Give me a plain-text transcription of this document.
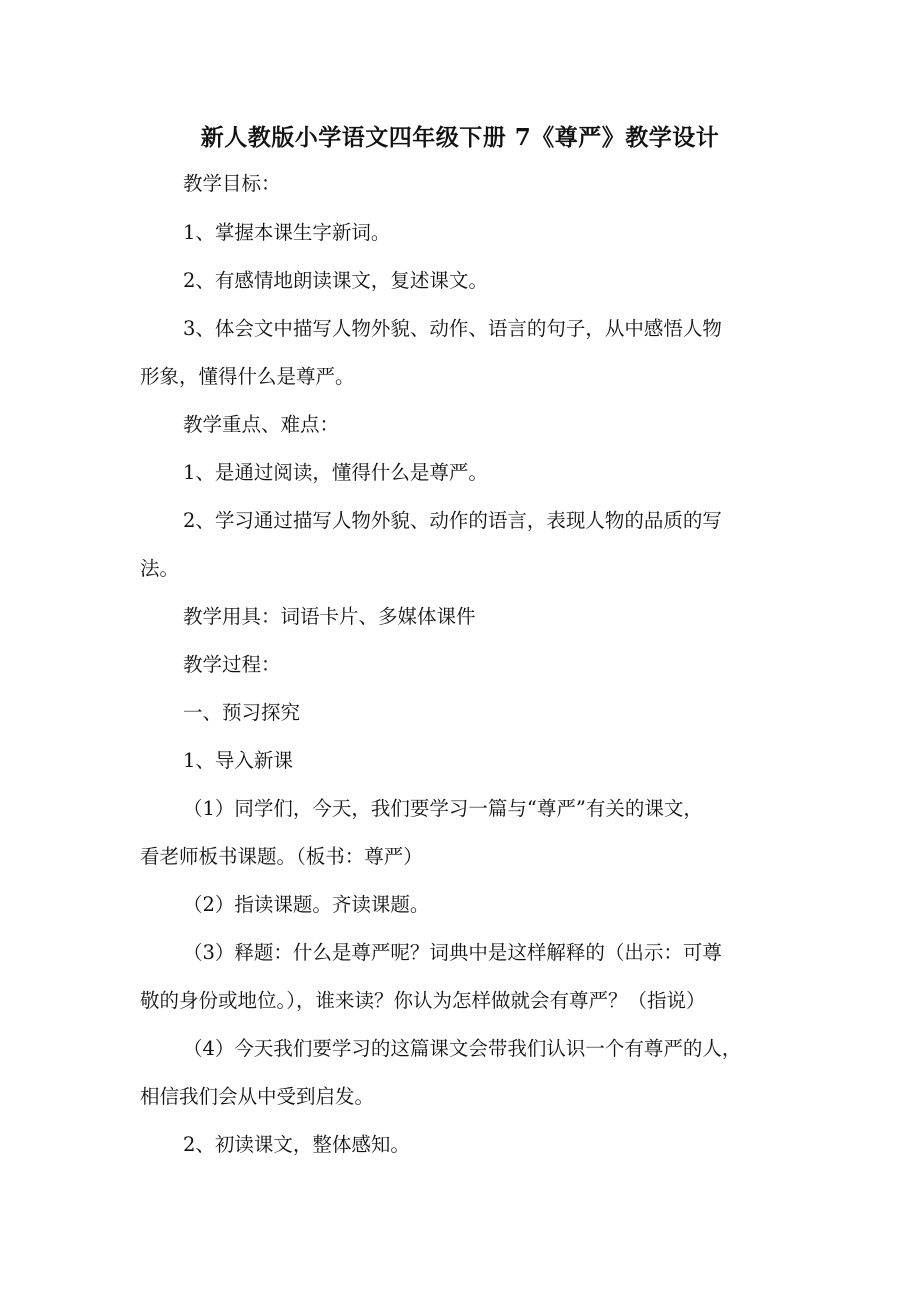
新人教版小学语文四年级下册 7《尊严》教学设计
教学目标：
1、掌握本课生字新词。
2、有感情地朗读课文，复述课文。
3、体会文中描写人物外貌、动作、语言的句子，从中感悟人物
形象，懂得什么是尊严。
教学重点、难点：
1、是通过阅读，懂得什么是尊严。
2、学习通过描写人物外貌、动作的语言，表现人物的品质的写
法。
教学用具：词语卡片、多媒体课件
教学过程：
一、预习探究
1、导入新课
（1）同学们，今天，我们要学习一篇与“尊严”有关的课文，
看老师板书课题。（板书：尊严）
（2）指读课题。齐读课题。
（3）释题：什么是尊严呢？词典中是这样解释的（出示：可尊
敬的身份或地位。），谁来读？你认为怎样做就会有尊严？（指说）
（4）今天我们要学习的这篇课文会带我们认识一个有尊严的人，
相信我们会从中受到启发。
2、初读课文，整体感知。
